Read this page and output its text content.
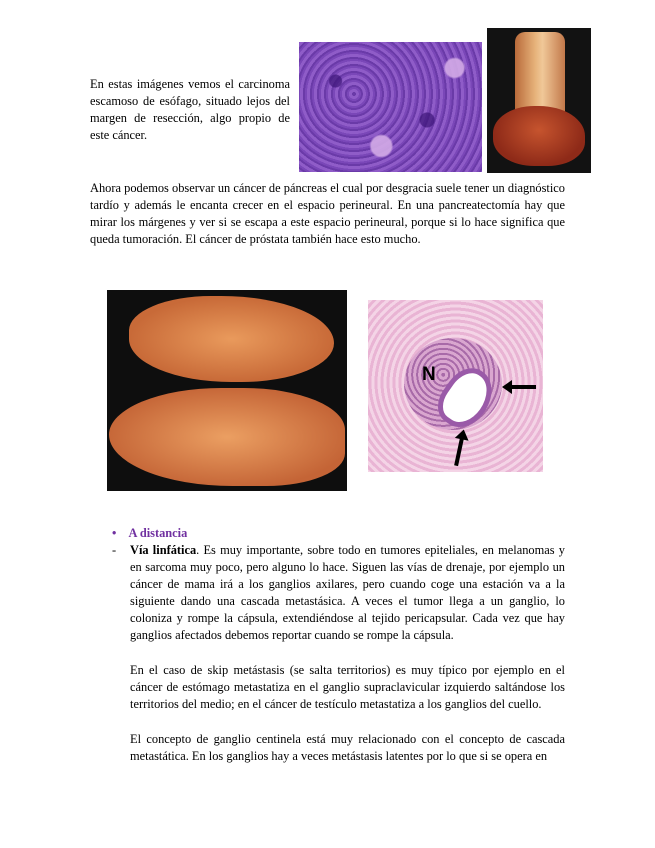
En estas imágenes vemos el carcinoma escamoso de esófago, situado lejos del margen de resección, algo propio de este cáncer.
Ahora podemos observar un cáncer de páncreas el cual por desgracia suele tener un diagnóstico tardío y además le encanta crecer en el espacio perineural. En una pancreatectomía hay que mirar los márgenes y ver si se escapa a este espacio perineural, porque si lo hace significa que queda tumoración. El cáncer de próstata también hace esto mucho.
N
• A distancia
- Vía linfática. Es muy importante, sobre todo en tumores epiteliales, en melanomas y en sarcoma muy poco, pero alguno lo hace. Siguen las vías de drenaje, por ejemplo un cáncer de mama irá a los ganglios axilares, pero cuando coge una estación va a la siguiente dando una cascada metastásica. A veces el tumor llega a un ganglio, lo coloniza y rompe la cápsula, extendiéndose al tejido pericapsular. Cada vez que hay ganglios afectados debemos reportar cuando se rompe la cápsula.
En el caso de skip metástasis (se salta territorios) es muy típico por ejemplo en el cáncer de estómago metastatiza en el ganglio supraclavicular izquierdo saltándose los territorios del medio; en el cáncer de testículo metastatiza a los ganglios del cuello.
El concepto de ganglio centinela está muy relacionado con el concepto de cascada metastática. En los ganglios hay a veces metástasis latentes por lo que si se opera en
